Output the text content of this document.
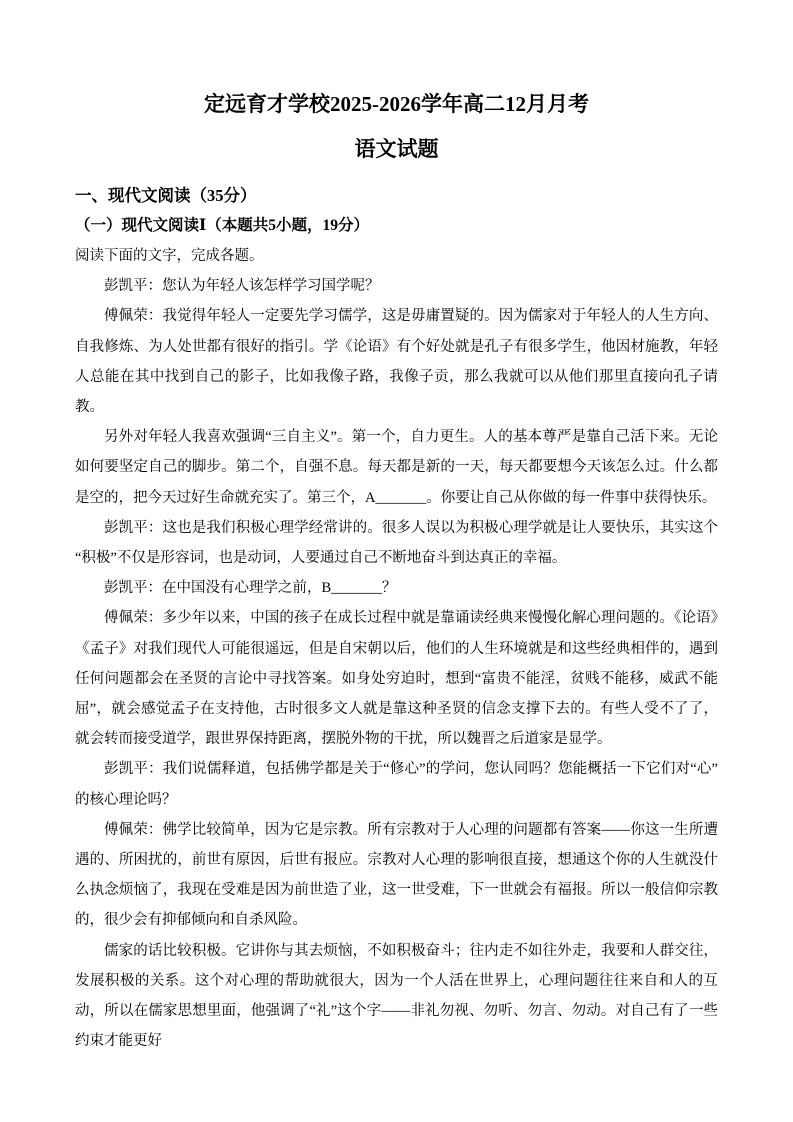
定远育才学校2025-2026学年高二12月月考
语文试题

一、现代文阅读（35分）

（一）现代文阅读Ⅰ（本题共5小题，19分）

阅读下面的文字，完成各题。

彭凯平：您认为年轻人该怎样学习国学呢？

傅佩荣：我觉得年轻人一定要先学习儒学，这是毋庸置疑的。因为儒家对于年轻人的人生方向、自我修炼、为人处世都有很好的指引。学《论语》有个好处就是孔子有很多学生，他因材施教，年轻人总能在其中找到自己的影子，比如我像子路，我像子贡，那么我就可以从他们那里直接向孔子请教。

另外对年轻人我喜欢强调“三自主义”。第一个，自力更生。人的基本尊严是靠自己活下来。无论如何要坚定自己的脚步。第二个，自强不息。每天都是新的一天，每天都要想今天该怎么过。什么都是空的，把今天过好生命就充实了。第三个，A_______。你要让自己从你做的每一件事中获得快乐。

彭凯平：这也是我们积极心理学经常讲的。很多人误以为积极心理学就是让人要快乐，其实这个“积极”不仅是形容词，也是动词，人要通过自己不断地奋斗到达真正的幸福。

彭凯平：在中国没有心理学之前，B_______？

傅佩荣：多少年以来，中国的孩子在成长过程中就是靠诵读经典来慢慢化解心理问题的。《论语》《孟子》对我们现代人可能很遥远，但是自宋朝以后，他们的人生环境就是和这些经典相伴的，遇到任何问题都会在圣贤的言论中寻找答案。如身处穷迫时，想到“富贵不能淫，贫贱不能移，威武不能屈”，就会感觉孟子在支持他，古时很多文人就是靠这种圣贤的信念支撑下去的。有些人受不了了，就会转而接受道学，跟世界保持距离，摆脱外物的干扰，所以魏晋之后道家是显学。

彭凯平：我们说儒释道，包括佛学都是关于“修心”的学问，您认同吗？您能概括一下它们对“心”的核心理论吗？

傅佩荣：佛学比较简单，因为它是宗教。所有宗教对于人心理的问题都有答案——你这一生所遭遇的、所困扰的，前世有原因，后世有报应。宗教对人心理的影响很直接，想通这个你的人生就没什么执念烦恼了，我现在受难是因为前世造了业，这一世受难，下一世就会有福报。所以一般信仰宗教的，很少会有抑郁倾向和自杀风险。

儒家的话比较积极。它讲你与其去烦恼，不如积极奋斗；往内走不如往外走，我要和人群交往，发展积极的关系。这个对心理的帮助就很大，因为一个人活在世界上，心理问题往往来自和人的互动，所以在儒家思想里面，他强调了“礼”这个字——非礼勿视、勿听、勿言、勿动。对自己有了一些约束才能更好
